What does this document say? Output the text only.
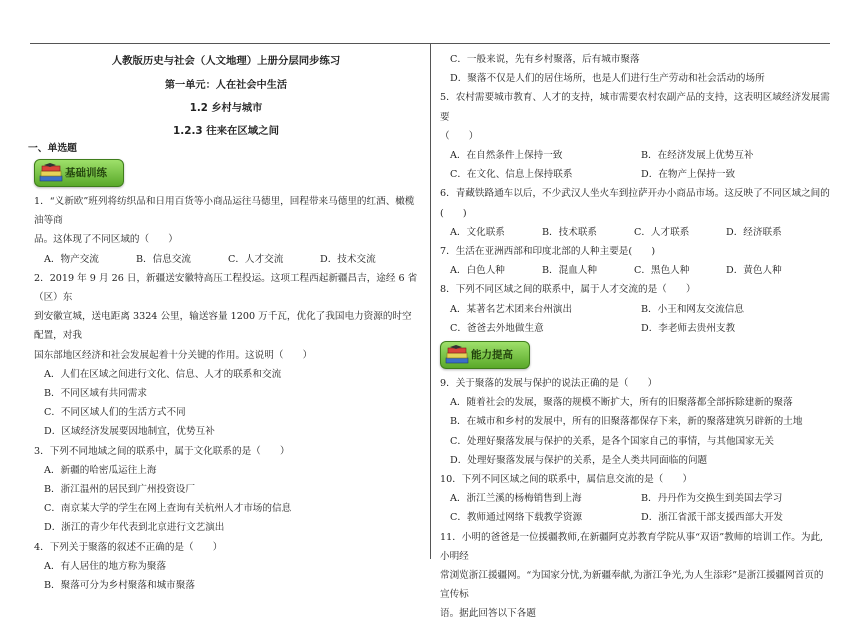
人教版历史与社会（人文地理）上册分层同步练习
第一单元：人在社会中生活
1.2 乡村与城市
1.2.3 往来在区域之间
一、单选题
基础训练
1．“义新欧”班列将纺织品和日用百货等小商品运往马德里，回程带来马德里的红酒、橄榄油等商
品。这体现了不同区域的（　　）
A．物产交流	B．信息交流	C．人才交流	D．技术交流
2．2019 年 9 月 26 日，新疆送安徽特高压工程投运。这项工程西起新疆昌吉，途经 6 省（区）东
到安徽宣城，送电距离 3324 公里，输送容量 1200 万千瓦，优化了我国电力资源的时空配置，对我
国东部地区经济和社会发展起着十分关键的作用。这说明（　　）
A．人们在区域之间进行文化、信息、人才的联系和交流
B．不同区域有共同需求
C．不同区域人们的生活方式不同
D．区域经济发展要因地制宜，优势互补
3．下列不同地域之间的联系中，属于文化联系的是（　　）
A．新疆的哈密瓜运往上海
B．浙江温州的居民到广州投资设厂
C．南京某大学的学生在网上查询有关杭州人才市场的信息
D．浙江的青少年代表到北京进行文艺演出
4．下列关于聚落的叙述不正确的是（　　）
A．有人居住的地方称为聚落
B．聚落可分为乡村聚落和城市聚落
C．一般来说，先有乡村聚落，后有城市聚落
D．聚落不仅是人们的居住场所，也是人们进行生产劳动和社会活动的场所
5．农村需要城市教育、人才的支持，城市需要农村农副产品的支持，这表明区域经济发展需要
（　　）
A．在自然条件上保持一致	B．在经济发展上优势互补
C．在文化、信息上保持联系	D．在物产上保持一致
6．青藏铁路通车以后，不少武汉人坐火车到拉萨开办小商品市场。这反映了不同区域之间的(　　)
A．文化联系	B．技术联系	C．人才联系	D．经济联系
7．生活在亚洲西部和印度北部的人种主要是(　　)
A．白色人种	B．混血人种	C．黑色人种	D．黄色人种
8．下列不同区域之间的联系中，属于人才交流的是（　　）
A．某著名艺术团来台州演出	B．小王和网友交流信息
C．爸爸去外地做生意	D．李老师去贵州支教
能力提高
9．关于聚落的发展与保护的说法正确的是（　　）
A．随着社会的发展，聚落的规模不断扩大，所有的旧聚落都全部拆除建新的聚落
B．在城市和乡村的发展中，所有的旧聚落都保存下来，新的聚落建筑另辟新的土地
C．处理好聚落发展与保护的关系，是各个国家自己的事情，与其他国家无关
D．处理好聚落发展与保护的关系，是全人类共同面临的问题
10．下列不同区域之间的联系中，属信息交流的是（　　）
A．浙江兰溪的杨梅销售到上海	B．丹丹作为交换生到美国去学习
C．教师通过网络下载教学资源	D．浙江省派干部支援西部大开发
11．小明的爸爸是一位援疆教师,在新疆阿克苏教育学院从事“双语”教师的培训工作。为此,小明经
常浏览浙江援疆网。“为国家分忧,为新疆奉献,为浙江争光,为人生添彩”是浙江援疆网首页的宣传标
语。据此回答以下各题
